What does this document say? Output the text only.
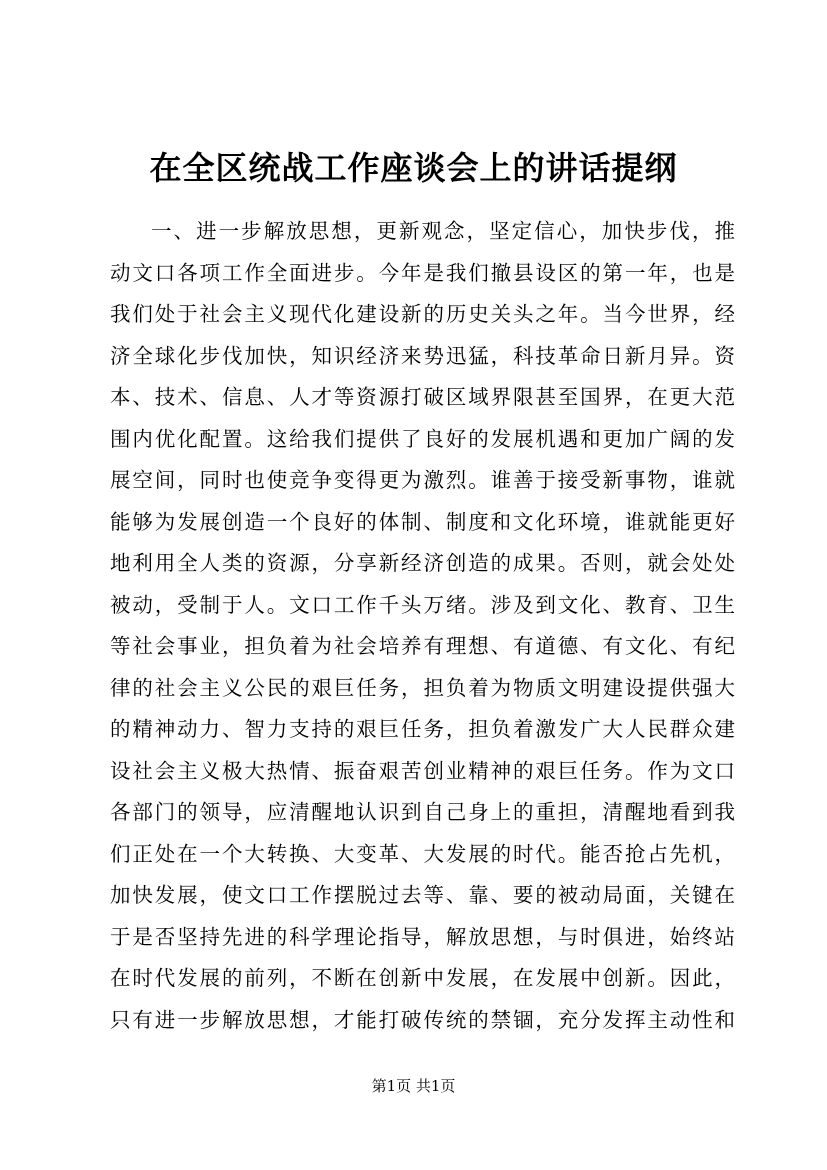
在全区统战工作座谈会上的讲话提纲
一、进一步解放思想，更新观念，坚定信心，加快步伐，推
动文口各项工作全面进步。今年是我们撤县设区的第一年，也是
我们处于社会主义现代化建设新的历史关头之年。当今世界，经
济全球化步伐加快，知识经济来势迅猛，科技革命日新月异。资
本、技术、信息、人才等资源打破区域界限甚至国界，在更大范
围内优化配置。这给我们提供了良好的发展机遇和更加广阔的发
展空间，同时也使竞争变得更为激烈。谁善于接受新事物，谁就
能够为发展创造一个良好的体制、制度和文化环境，谁就能更好
地利用全人类的资源，分享新经济创造的成果。否则，就会处处
被动，受制于人。文口工作千头万绪。涉及到文化、教育、卫生
等社会事业，担负着为社会培养有理想、有道德、有文化、有纪
律的社会主义公民的艰巨任务，担负着为物质文明建设提供强大
的精神动力、智力支持的艰巨任务，担负着激发广大人民群众建
设社会主义极大热情、振奋艰苦创业精神的艰巨任务。作为文口
各部门的领导，应清醒地认识到自己身上的重担，清醒地看到我
们正处在一个大转换、大变革、大发展的时代。能否抢占先机，
加快发展，使文口工作摆脱过去等、靠、要的被动局面，关键在
于是否坚持先进的科学理论指导，解放思想，与时俱进，始终站
在时代发展的前列，不断在创新中发展，在发展中创新。因此，
只有进一步解放思想，才能打破传统的禁锢，充分发挥主动性和
第1页 共1页
